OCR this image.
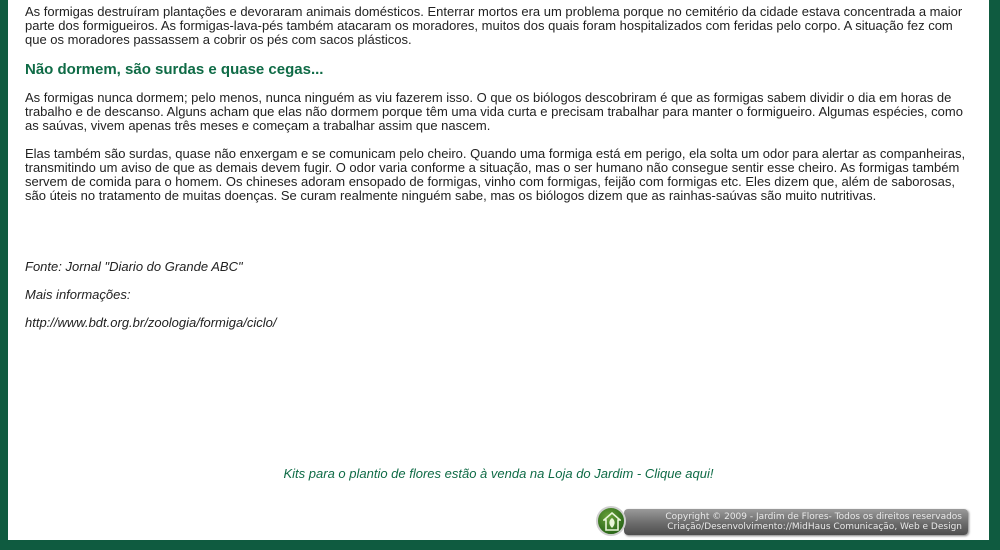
As formigas destruíram plantações e devoraram animais domésticos. Enterrar mortos era um problema porque no cemitério da cidade estava concentrada a maior parte dos formigueiros. As formigas-lava-pés também atacaram os moradores, muitos dos quais foram hospitalizados com feridas pelo corpo. A situação fez com que os moradores passassem a cobrir os pés com sacos plásticos.

Não dormem, são surdas e quase cegas...

As formigas nunca dormem; pelo menos, nunca ninguém as viu fazerem isso. O que os biólogos descobriram é que as formigas sabem dividir o dia em horas de trabalho e de descanso. Alguns acham que elas não dormem porque têm uma vida curta e precisam trabalhar para manter o formigueiro. Algumas espécies, como as saúvas, vivem apenas três meses e começam a trabalhar assim que nascem.

Elas também são surdas, quase não enxergam e se comunicam pelo cheiro. Quando uma formiga está em perigo, ela solta um odor para alertar as companheiras, transmitindo um aviso de que as demais devem fugir. O odor varia conforme a situação, mas o ser humano não consegue sentir esse cheiro. As formigas também servem de comida para o homem. Os chineses adoram ensopado de formigas, vinho com formigas, feijão com formigas etc. Eles dizem que, além de saborosas, são úteis no tratamento de muitas doenças. Se curam realmente ninguém sabe, mas os biólogos dizem que as rainhas-saúvas são muito nutritivas.

Fonte: Jornal "Diario do Grande ABC"

Mais informações:

http://www.bdt.org.br/zoologia/formiga/ciclo/

Kits para o plantio de flores estão à venda na Loja do Jardim - Clique aqui!
Copyright © 2009 - Jardim de Flores- Todos os direitos reservados
Criação/Desenvolvimento://MidHaus Comunicação, Web e Design
